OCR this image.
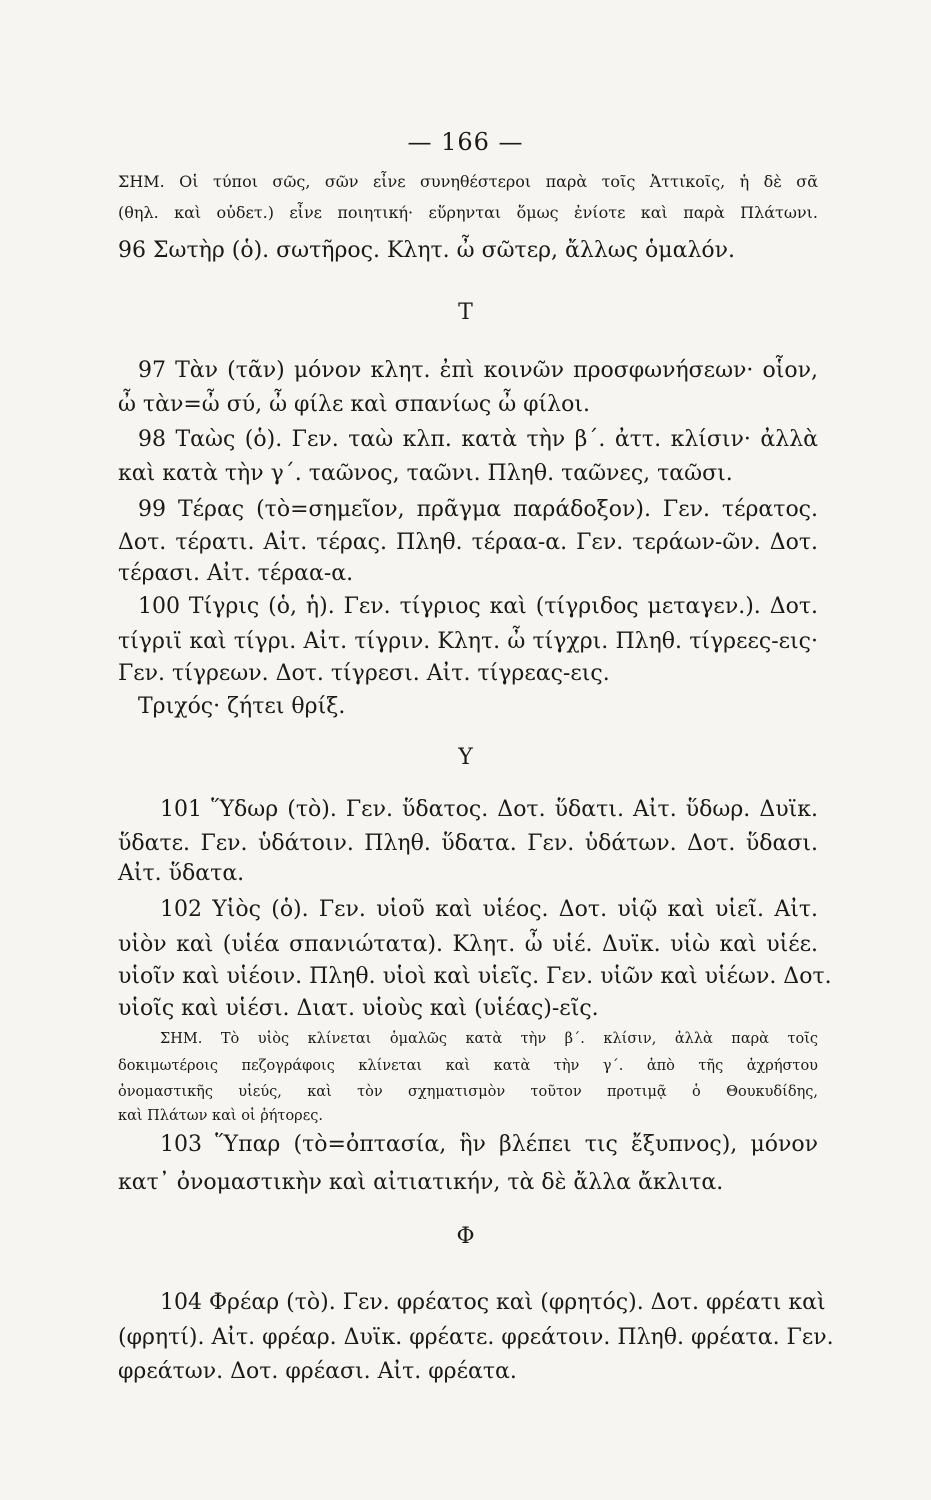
— 166 —
ΣΗΜ. Οἱ τύποι σῶς, σῶν εἶνε συνηθέστεροι παρὰ τοῖς Ἀττικοῖς, ἡ δὲ σᾶ
(θηλ. καὶ οὐδετ.) εἶνε ποιητική· εὕρηνται ὅμως ἐνίοτε καὶ παρὰ Πλάτωνι.
96 Σωτὴρ (ὁ). σωτῆρος. Κλητ. ὦ σῶτερ, ἄλλως ὁμαλόν.
Τ
97 Τὰν (τᾶν) μόνον κλητ. ἐπὶ κοινῶν προσφωνήσεων· οἷον,
ὦ τὰν=ὦ σύ, ὦ φίλε καὶ σπανίως ὦ φίλοι.
98 Ταὼς (ὁ). Γεν. ταὼ κλπ. κατὰ τὴν β΄. ἀττ. κλίσιν· ἀλλὰ
καὶ κατὰ τὴν γ΄. ταῶνος, ταῶνι. Πληθ. ταῶνες, ταῶσι.
99 Τέρας (τὸ=σημεῖον, πρᾶγμα παράδοξον). Γεν. τέρατος.
Δοτ. τέρατι. Αἰτ. τέρας. Πληθ. τέραα-α. Γεν. τεράων-ῶν. Δοτ.
τέρασι. Αἰτ. τέραα-α.
100 Τίγρις (ὁ, ἡ). Γεν. τίγριος καὶ (τίγριδος μεταγεν.). Δοτ.
τίγριϊ καὶ τίγρι. Αἰτ. τίγριν. Κλητ. ὦ τίγχρι. Πληθ. τίγρεες-εις·
Γεν. τίγρεων. Δοτ. τίγρεσι. Αἰτ. τίγρεας-εις.
Τριχός· ζήτει θρίξ.
Υ
101 Ὕδωρ (τὸ). Γεν. ὕδατος. Δοτ. ὕδατι. Αἰτ. ὕδωρ. Δυϊκ.
ὕδατε. Γεν. ὑδάτοιν. Πληθ. ὕδατα. Γεν. ὑδάτων. Δοτ. ὕδασι.
Αἰτ. ὕδατα.
102 Υἱὸς (ὁ). Γεν. υἱοῦ καὶ υἱέος. Δοτ. υἱῷ καὶ υἱεῖ. Αἰτ.
υἱὸν καὶ (υἱέα σπανιώτατα). Κλητ. ὦ υἱέ. Δυϊκ. υἱὼ καὶ υἱέε.
υἱοῖν καὶ υἱέοιν. Πληθ. υἱοὶ καὶ υἱεῖς. Γεν. υἱῶν καὶ υἱέων. Δοτ.
υἱοῖς καὶ υἱέσι. Διατ. υἱοὺς καὶ (υἱέας)-εῖς.
ΣΗΜ. Τὸ υἱὸς κλίνεται ὁμαλῶς κατὰ τὴν β΄. κλίσιν, ἀλλὰ παρὰ τοῖς
δοκιμωτέροις πεζογράφοις κλίνεται καὶ κατὰ τὴν γ΄. ἀπὸ τῆς ἀχρήστου
ὀνομαστικῆς υἱεύς, καὶ τὸν σχηματισμὸν τοῦτον προτιμᾷ ὁ Θουκυδίδης,
καὶ Πλάτων καὶ οἱ ῥήτορες.
103 Ὕπαρ (τὸ=ὀπτασία, ἣν βλέπει τις ἔξυπνος), μόνον
κατ᾽ ὀνομαστικὴν καὶ αἰτιατικήν, τὰ δὲ ἄλλα ἄκλιτα.
Φ
104 Φρέαρ (τὸ). Γεν. φρέατος καὶ (φρητός). Δοτ. φρέατι καὶ
(φρητί). Αἰτ. φρέαρ. Δυϊκ. φρέατε. φρεάτοιν. Πληθ. φρέατα. Γεν.
φρεάτων. Δοτ. φρέασι. Αἰτ. φρέατα.
